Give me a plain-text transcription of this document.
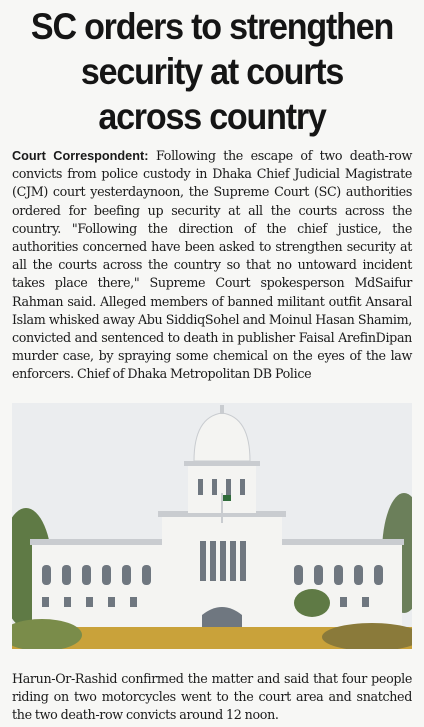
SC orders to strengthen
security at courts
across country

Court Correspondent: Following the escape of two death-row convicts from police custody in Dhaka Chief Judicial Magistrate (CJM) court yesterdaynoon, the Supreme Court (SC) authorities ordered for beefing up security at all the courts across the country. "Following the direction of the chief justice, the authorities concerned have been asked to strengthen security at all the courts across the country so that no untoward incident takes place there," Supreme Court spokesperson MdSaifur Rahman said. Alleged members of banned militant outfit Ansaral Islam whisked away Abu SiddiqSohel and Moinul Hasan Shamim, convicted and sentenced to death in publisher Faisal ArefinDipan murder case, by spraying some chemical on the eyes of the law enforcers. Chief of Dhaka Metropolitan DB Police

Harun-Or-Rashid confirmed the matter and said that four people riding on two motorcycles went to the court area and snatched the two death-row convicts around 12 noon.
